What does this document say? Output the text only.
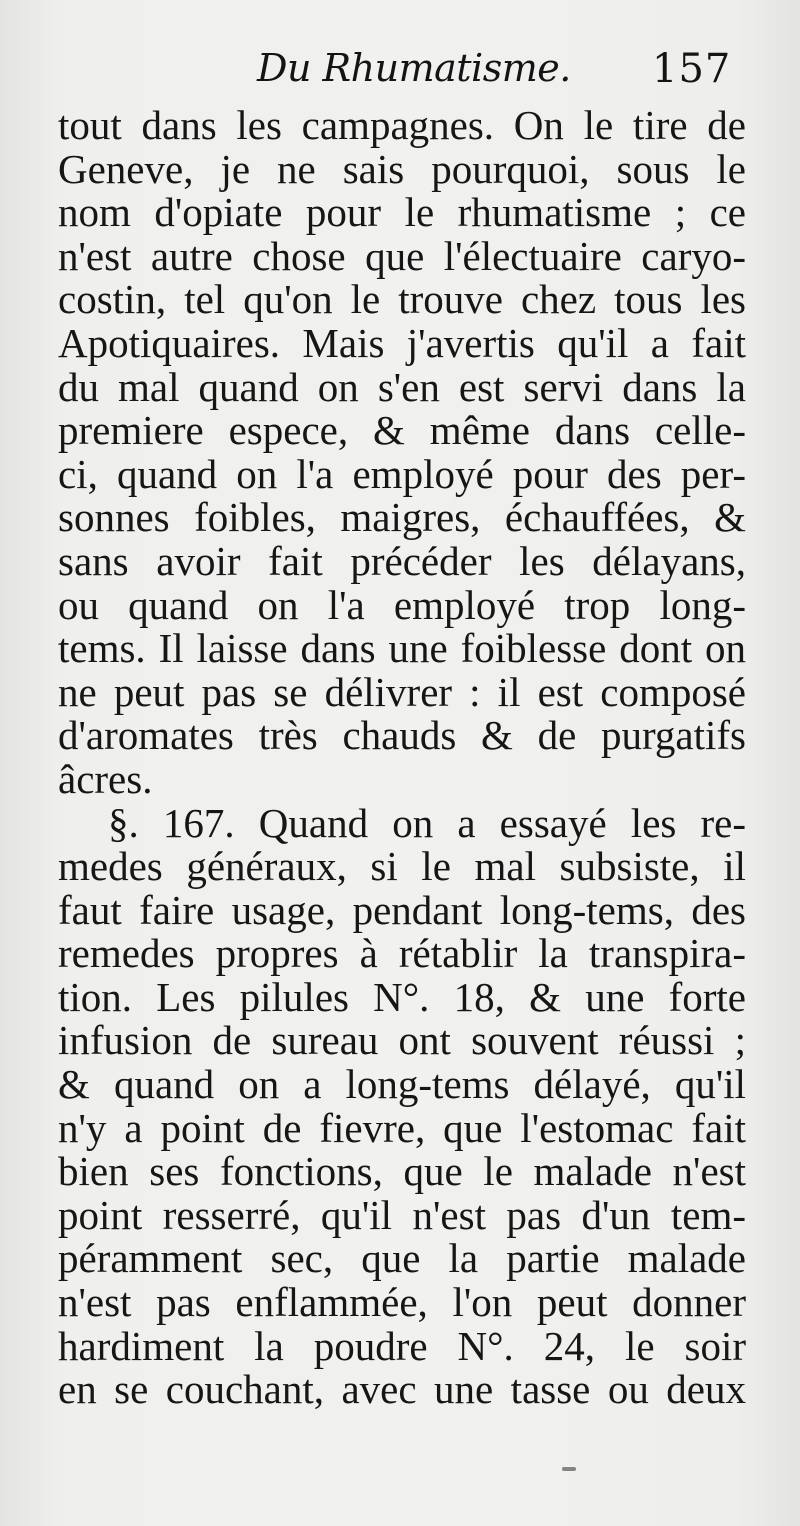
Du Rhumatisme. 157
tout dans les campagnes. On le tire de
Geneve, je ne sais pourquoi, sous le
nom d'opiate pour le rhumatisme ; ce
n'est autre chose que l'électuaire caryo-
costin, tel qu'on le trouve chez tous les
Apotiquaires. Mais j'avertis qu'il a fait
du mal quand on s'en est servi dans la
premiere espece, & même dans celle-
ci, quand on l'a employé pour des per-
sonnes foibles, maigres, échauffées, &
sans avoir fait précéder les délayans,
ou quand on l'a employé trop long-
tems. Il laisse dans une foiblesse dont on
ne peut pas se délivrer : il est composé
d'aromates très chauds & de purgatifs
âcres.
§. 167. Quand on a essayé les re-
medes généraux, si le mal subsiste, il
faut faire usage, pendant long-tems, des
remedes propres à rétablir la transpira-
tion. Les pilules N°. 18, & une forte
infusion de sureau ont souvent réussi ;
& quand on a long-tems délayé, qu'il
n'y a point de fievre, que l'estomac fait
bien ses fonctions, que le malade n'est
point resserré, qu'il n'est pas d'un tem-
péramment sec, que la partie malade
n'est pas enflammée, l'on peut donner
hardiment la poudre N°. 24, le soir
en se couchant, avec une tasse ou deux
